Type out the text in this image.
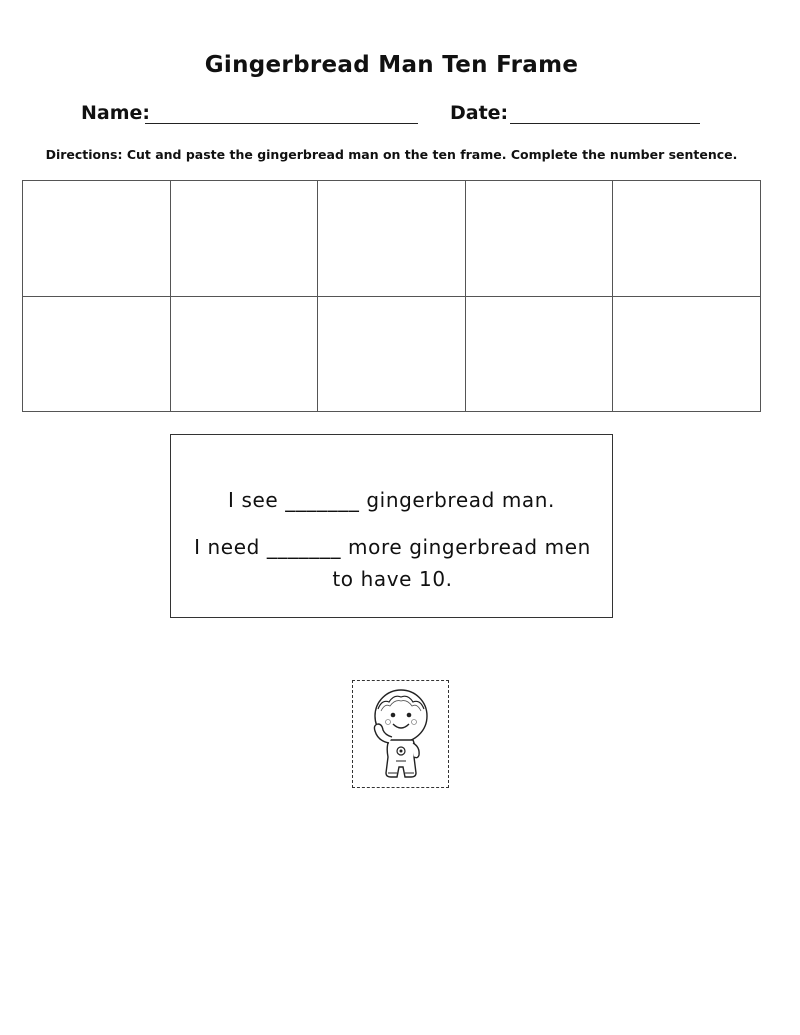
Gingerbread Man Ten Frame
Name:	Date:
Directions: Cut and paste the gingerbread man on the ten frame. Complete the number sentence.

I see _______ gingerbread man.
I need _______ more gingerbread men to have 10.
